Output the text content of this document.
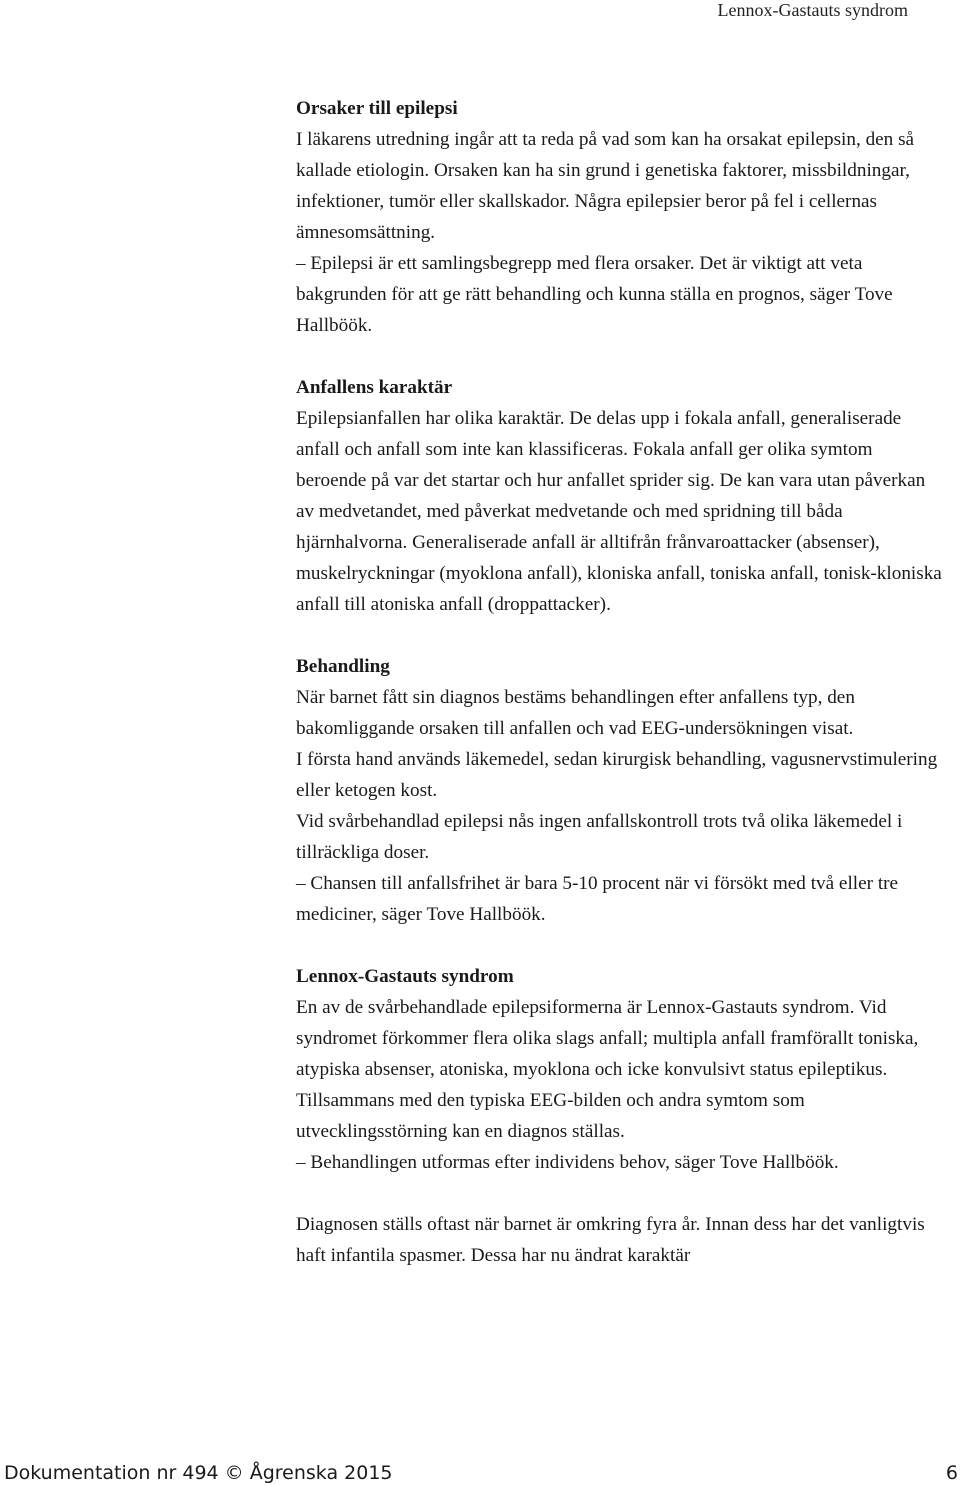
Lennox-Gastauts syndrom
Orsaker till epilepsi

I läkarens utredning ingår att ta reda på vad som kan ha orsakat epilepsin, den så kallade etiologin. Orsaken kan ha sin grund i genetiska faktorer, missbildningar, infektioner, tumör eller skallskador. Några epilepsier beror på fel i cellernas ämnesomsättning.

– Epilepsi är ett samlingsbegrepp med flera orsaker. Det är viktigt att veta bakgrunden för att ge rätt behandling och kunna ställa en prognos, säger Tove Hallböök.

Anfallens karaktär

Epilepsianfallen har olika karaktär. De delas upp i fokala anfall, generaliserade anfall och anfall som inte kan klassificeras. Fokala anfall ger olika symtom beroende på var det startar och hur anfallet sprider sig. De kan vara utan påverkan av medvetandet, med påverkat medvetande och med spridning till båda hjärnhalvorna. Generaliserade anfall är alltifrån frånvaroattacker (absenser), muskelryckningar (myoklona anfall), kloniska anfall, toniska anfall, tonisk-kloniska anfall till atoniska anfall (droppattacker).

Behandling

När barnet fått sin diagnos bestäms behandlingen efter anfallens typ, den bakomliggande orsaken till anfallen och vad EEG-undersökningen visat.

I första hand används läkemedel, sedan kirurgisk behandling, vagusnervstimulering eller ketogen kost.

Vid svårbehandlad epilepsi nås ingen anfallskontroll trots två olika läkemedel i tillräckliga doser.

– Chansen till anfallsfrihet är bara 5-10 procent när vi försökt med två eller tre mediciner, säger Tove Hallböök.

Lennox-Gastauts syndrom

En av de svårbehandlade epilepsiformerna är Lennox-Gastauts syndrom. Vid syndromet förkommer flera olika slags anfall; multipla anfall framförallt toniska, atypiska absenser, atoniska, myoklona och icke konvulsivt status epileptikus.

Tillsammans med den typiska EEG-bilden och andra symtom som utvecklingsstörning kan en diagnos ställas.

– Behandlingen utformas efter individens behov, säger Tove Hallböök.

Diagnosen ställs oftast när barnet är omkring fyra år. Innan dess har det vanligtvis haft infantila spasmer. Dessa har nu ändrat karaktär

Dokumentation nr 494 © Ågrenska 2015	6
